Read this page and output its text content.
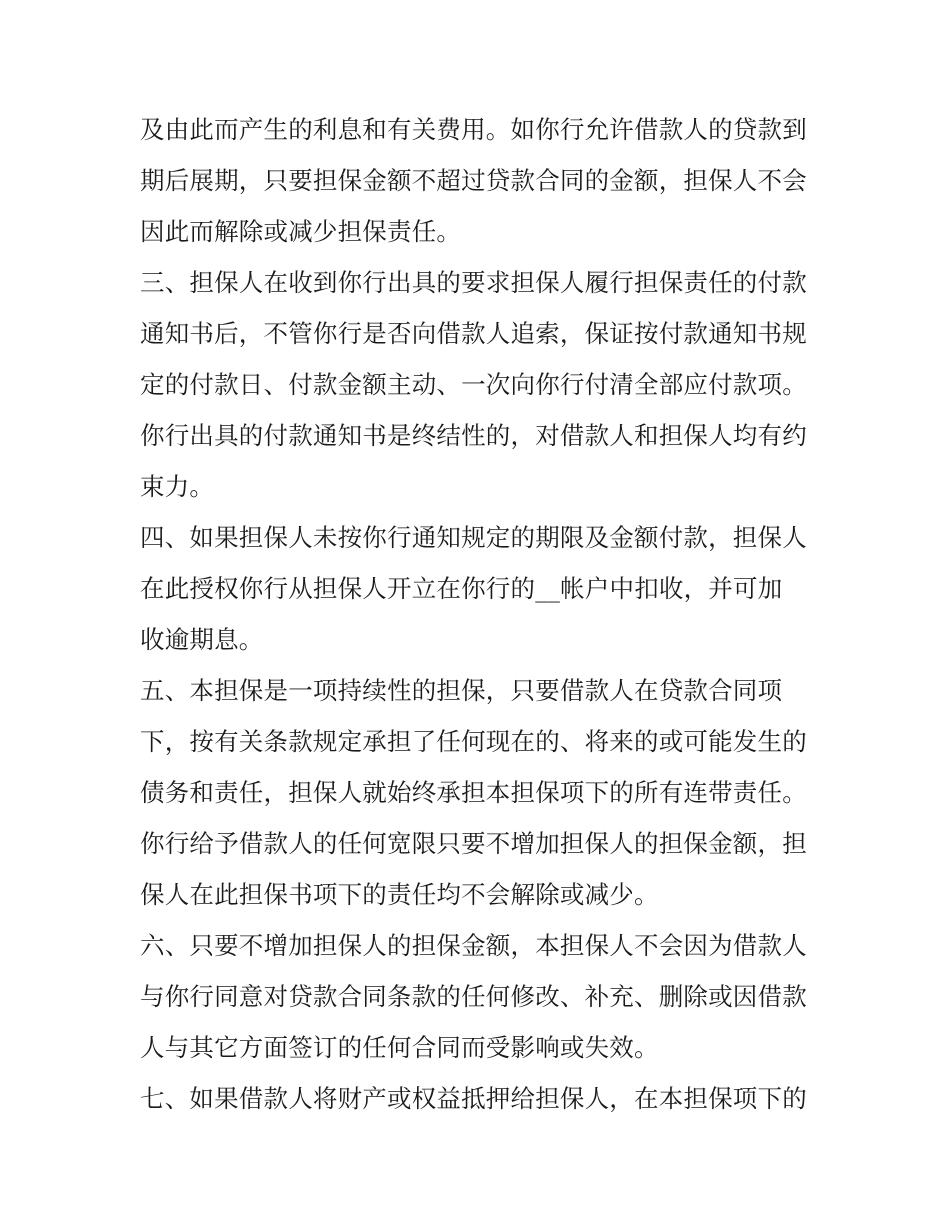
及由此而产生的利息和有关费用。如你行允许借款人的贷款到
期后展期，只要担保金额不超过贷款合同的金额，担保人不会
因此而解除或减少担保责任。
三、担保人在收到你行出具的要求担保人履行担保责任的付款
通知书后，不管你行是否向借款人追索，保证按付款通知书规
定的付款日、付款金额主动、一次向你行付清全部应付款项。
你行出具的付款通知书是终结性的，对借款人和担保人均有约
束力。
四、如果担保人未按你行通知规定的期限及金额付款，担保人
在此授权你行从担保人开立在你行的__帐户中扣收，并可加
收逾期息。
五、本担保是一项持续性的担保，只要借款人在贷款合同项
下，按有关条款规定承担了任何现在的、将来的或可能发生的
债务和责任，担保人就始终承担本担保项下的所有连带责任。
你行给予借款人的任何宽限只要不增加担保人的担保金额，担
保人在此担保书项下的责任均不会解除或减少。
六、只要不增加担保人的担保金额，本担保人不会因为借款人
与你行同意对贷款合同条款的任何修改、补充、删除或因借款
人与其它方面签订的任何合同而受影响或失效。
七、如果借款人将财产或权益抵押给担保人，在本担保项下的
